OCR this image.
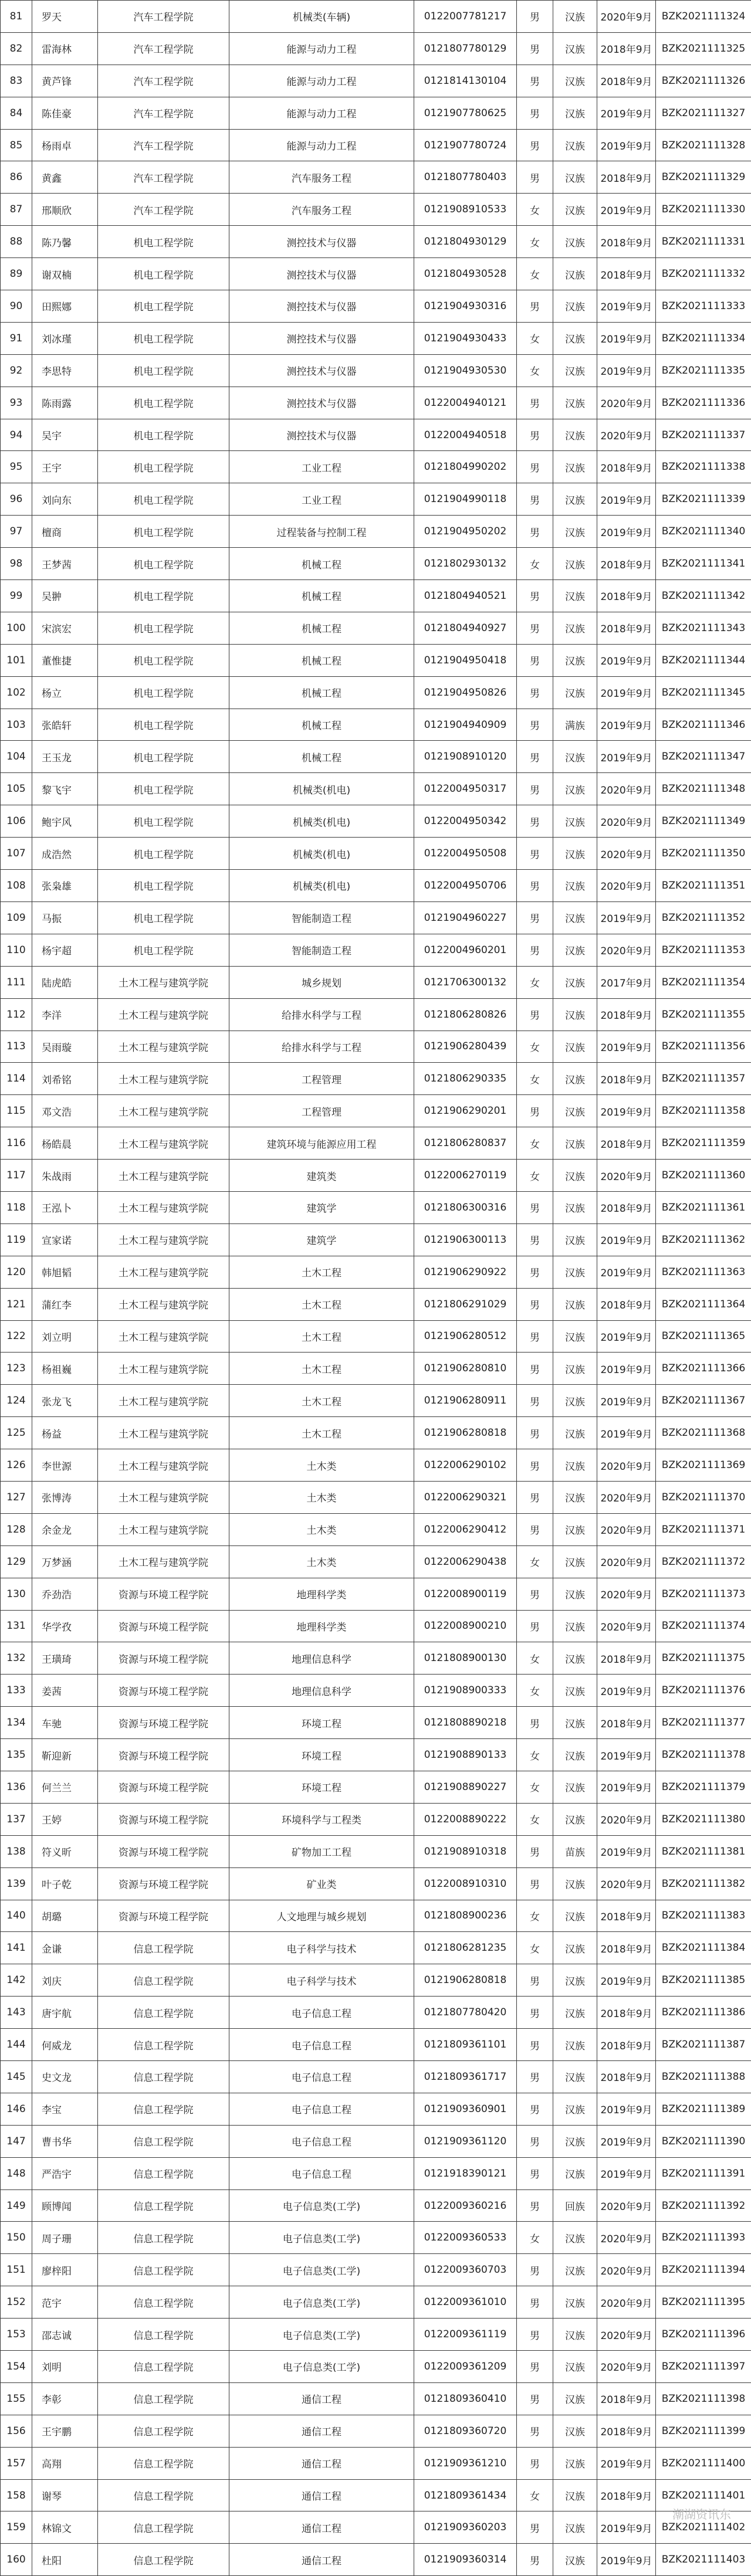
81	罗天	汽车工程学院	机械类(车辆)	0122007781217	男	汉族	2020年9月	BZK2021111324
82	雷海林	汽车工程学院	能源与动力工程	0121807780129	男	汉族	2018年9月	BZK2021111325
83	黄芦锋	汽车工程学院	能源与动力工程	0121814130104	男	汉族	2018年9月	BZK2021111326
84	陈佳豪	汽车工程学院	能源与动力工程	0121907780625	男	汉族	2019年9月	BZK2021111327
85	杨雨卓	汽车工程学院	能源与动力工程	0121907780724	男	汉族	2019年9月	BZK2021111328
86	黄鑫	汽车工程学院	汽车服务工程	0121807780403	男	汉族	2018年9月	BZK2021111329
87	邢顺欣	汽车工程学院	汽车服务工程	0121908910533	女	汉族	2019年9月	BZK2021111330
88	陈乃馨	机电工程学院	测控技术与仪器	0121804930129	女	汉族	2018年9月	BZK2021111331
89	谢双楠	机电工程学院	测控技术与仪器	0121804930528	女	汉族	2018年9月	BZK2021111332
90	田熙娜	机电工程学院	测控技术与仪器	0121904930316	男	汉族	2019年9月	BZK2021111333
91	刘冰瑾	机电工程学院	测控技术与仪器	0121904930433	女	汉族	2019年9月	BZK2021111334
92	李思特	机电工程学院	测控技术与仪器	0121904930530	女	汉族	2019年9月	BZK2021111335
93	陈雨露	机电工程学院	测控技术与仪器	0122004940121	男	汉族	2020年9月	BZK2021111336
94	吴宇	机电工程学院	测控技术与仪器	0122004940518	男	汉族	2020年9月	BZK2021111337
95	王宇	机电工程学院	工业工程	0121804990202	男	汉族	2018年9月	BZK2021111338
96	刘向东	机电工程学院	工业工程	0121904990118	男	汉族	2019年9月	BZK2021111339
97	檀商	机电工程学院	过程装备与控制工程	0121904950202	男	汉族	2019年9月	BZK2021111340
98	王梦茜	机电工程学院	机械工程	0121802930132	女	汉族	2018年9月	BZK2021111341
99	吴翀	机电工程学院	机械工程	0121804940521	男	汉族	2018年9月	BZK2021111342
100	宋滨宏	机电工程学院	机械工程	0121804940927	男	汉族	2018年9月	BZK2021111343
101	董惟捷	机电工程学院	机械工程	0121904950418	男	汉族	2019年9月	BZK2021111344
102	杨立	机电工程学院	机械工程	0121904950826	男	汉族	2019年9月	BZK2021111345
103	张皓轩	机电工程学院	机械工程	0121904940909	男	满族	2019年9月	BZK2021111346
104	王玉龙	机电工程学院	机械工程	0121908910120	男	汉族	2019年9月	BZK2021111347
105	黎飞宇	机电工程学院	机械类(机电)	0122004950317	男	汉族	2020年9月	BZK2021111348
106	鲍宇风	机电工程学院	机械类(机电)	0122004950342	男	汉族	2020年9月	BZK2021111349
107	成浩然	机电工程学院	机械类(机电)	0122004950508	男	汉族	2020年9月	BZK2021111350
108	张枭雄	机电工程学院	机械类(机电)	0122004950706	男	汉族	2020年9月	BZK2021111351
109	马振	机电工程学院	智能制造工程	0121904960227	男	汉族	2019年9月	BZK2021111352
110	杨宇超	机电工程学院	智能制造工程	0122004960201	男	汉族	2020年9月	BZK2021111353
111	陆虎皓	土木工程与建筑学院	城乡规划	0121706300132	女	汉族	2017年9月	BZK2021111354
112	李洋	土木工程与建筑学院	给排水科学与工程	0121806280826	男	汉族	2018年9月	BZK2021111355
113	吴雨璇	土木工程与建筑学院	给排水科学与工程	0121906280439	女	汉族	2019年9月	BZK2021111356
114	刘希铭	土木工程与建筑学院	工程管理	0121806290335	女	汉族	2018年9月	BZK2021111357
115	邓文浩	土木工程与建筑学院	工程管理	0121906290201	男	汉族	2019年9月	BZK2021111358
116	杨皓晨	土木工程与建筑学院	建筑环境与能源应用工程	0121806280837	女	汉族	2018年9月	BZK2021111359
117	朱战雨	土木工程与建筑学院	建筑类	0122006270119	女	汉族	2020年9月	BZK2021111360
118	王泓卜	土木工程与建筑学院	建筑学	0121806300316	男	汉族	2018年9月	BZK2021111361
119	宣家诺	土木工程与建筑学院	建筑学	0121906300113	男	汉族	2019年9月	BZK2021111362
120	韩旭韬	土木工程与建筑学院	土木工程	0121906290922	男	汉族	2019年9月	BZK2021111363
121	蒲红李	土木工程与建筑学院	土木工程	0121806291029	男	汉族	2018年9月	BZK2021111364
122	刘立明	土木工程与建筑学院	土木工程	0121906280512	男	汉族	2019年9月	BZK2021111365
123	杨祖巍	土木工程与建筑学院	土木工程	0121906280810	男	汉族	2019年9月	BZK2021111366
124	张龙飞	土木工程与建筑学院	土木工程	0121906280911	男	汉族	2019年9月	BZK2021111367
125	杨益	土木工程与建筑学院	土木工程	0121906280818	男	汉族	2019年9月	BZK2021111368
126	李世源	土木工程与建筑学院	土木类	0122006290102	男	汉族	2020年9月	BZK2021111369
127	张博涛	土木工程与建筑学院	土木类	0122006290321	男	汉族	2020年9月	BZK2021111370
128	余金龙	土木工程与建筑学院	土木类	0122006290412	男	汉族	2020年9月	BZK2021111371
129	万梦涵	土木工程与建筑学院	土木类	0122006290438	女	汉族	2020年9月	BZK2021111372
130	乔劲浩	资源与环境工程学院	地理科学类	0122008900119	男	汉族	2020年9月	BZK2021111373
131	华学孜	资源与环境工程学院	地理科学类	0122008900210	男	汉族	2020年9月	BZK2021111374
132	王璜琦	资源与环境工程学院	地理信息科学	0121808900130	女	汉族	2018年9月	BZK2021111375
133	姜茜	资源与环境工程学院	地理信息科学	0121908900333	女	汉族	2019年9月	BZK2021111376
134	车驰	资源与环境工程学院	环境工程	0121808890218	男	汉族	2018年9月	BZK2021111377
135	靳迎新	资源与环境工程学院	环境工程	0121908890133	女	汉族	2019年9月	BZK2021111378
136	何兰兰	资源与环境工程学院	环境工程	0121908890227	女	汉族	2019年9月	BZK2021111379
137	王婷	资源与环境工程学院	环境科学与工程类	0122008890222	女	汉族	2020年9月	BZK2021111380
138	符义昕	资源与环境工程学院	矿物加工工程	0121908910318	男	苗族	2019年9月	BZK2021111381
139	叶子乾	资源与环境工程学院	矿业类	0122008910310	男	汉族	2020年9月	BZK2021111382
140	胡璐	资源与环境工程学院	人文地理与城乡规划	0121808900236	女	汉族	2018年9月	BZK2021111383
141	金谦	信息工程学院	电子科学与技术	0121806281235	女	汉族	2018年9月	BZK2021111384
142	刘庆	信息工程学院	电子科学与技术	0121906280818	男	汉族	2019年9月	BZK2021111385
143	唐宇航	信息工程学院	电子信息工程	0121807780420	男	汉族	2018年9月	BZK2021111386
144	何威龙	信息工程学院	电子信息工程	0121809361101	男	汉族	2018年9月	BZK2021111387
145	史文龙	信息工程学院	电子信息工程	0121809361717	男	汉族	2018年9月	BZK2021111388
146	李宝	信息工程学院	电子信息工程	0121909360901	男	汉族	2019年9月	BZK2021111389
147	曹书华	信息工程学院	电子信息工程	0121909361120	男	汉族	2019年9月	BZK2021111390
148	严浩宇	信息工程学院	电子信息工程	0121918390121	男	汉族	2019年9月	BZK2021111391
149	顾博闻	信息工程学院	电子信息类(工学)	0122009360216	男	回族	2020年9月	BZK2021111392
150	周子珊	信息工程学院	电子信息类(工学)	0122009360533	女	汉族	2020年9月	BZK2021111393
151	廖梓阳	信息工程学院	电子信息类(工学)	0122009360703	男	汉族	2020年9月	BZK2021111394
152	范宇	信息工程学院	电子信息类(工学)	0122009361010	男	汉族	2020年9月	BZK2021111395
153	邵志诚	信息工程学院	电子信息类(工学)	0122009361119	男	汉族	2020年9月	BZK2021111396
154	刘明	信息工程学院	电子信息类(工学)	0122009361209	男	汉族	2020年9月	BZK2021111397
155	李彰	信息工程学院	通信工程	0121809360410	男	汉族	2018年9月	BZK2021111398
156	王宇鹏	信息工程学院	通信工程	0121809360720	男	汉族	2018年9月	BZK2021111399
157	高翔	信息工程学院	通信工程	0121909361210	男	汉族	2019年9月	BZK2021111400
158	谢琴	信息工程学院	通信工程	0121809361434	女	汉族	2018年9月	BZK2021111401
159	林锦文	信息工程学院	通信工程	0121909360203	男	汉族	2019年9月	BZK2021111402
160	杜阳	信息工程学院	通信工程	0121909360314	男	汉族	2019年9月	BZK2021111403
潮湖资讯东
